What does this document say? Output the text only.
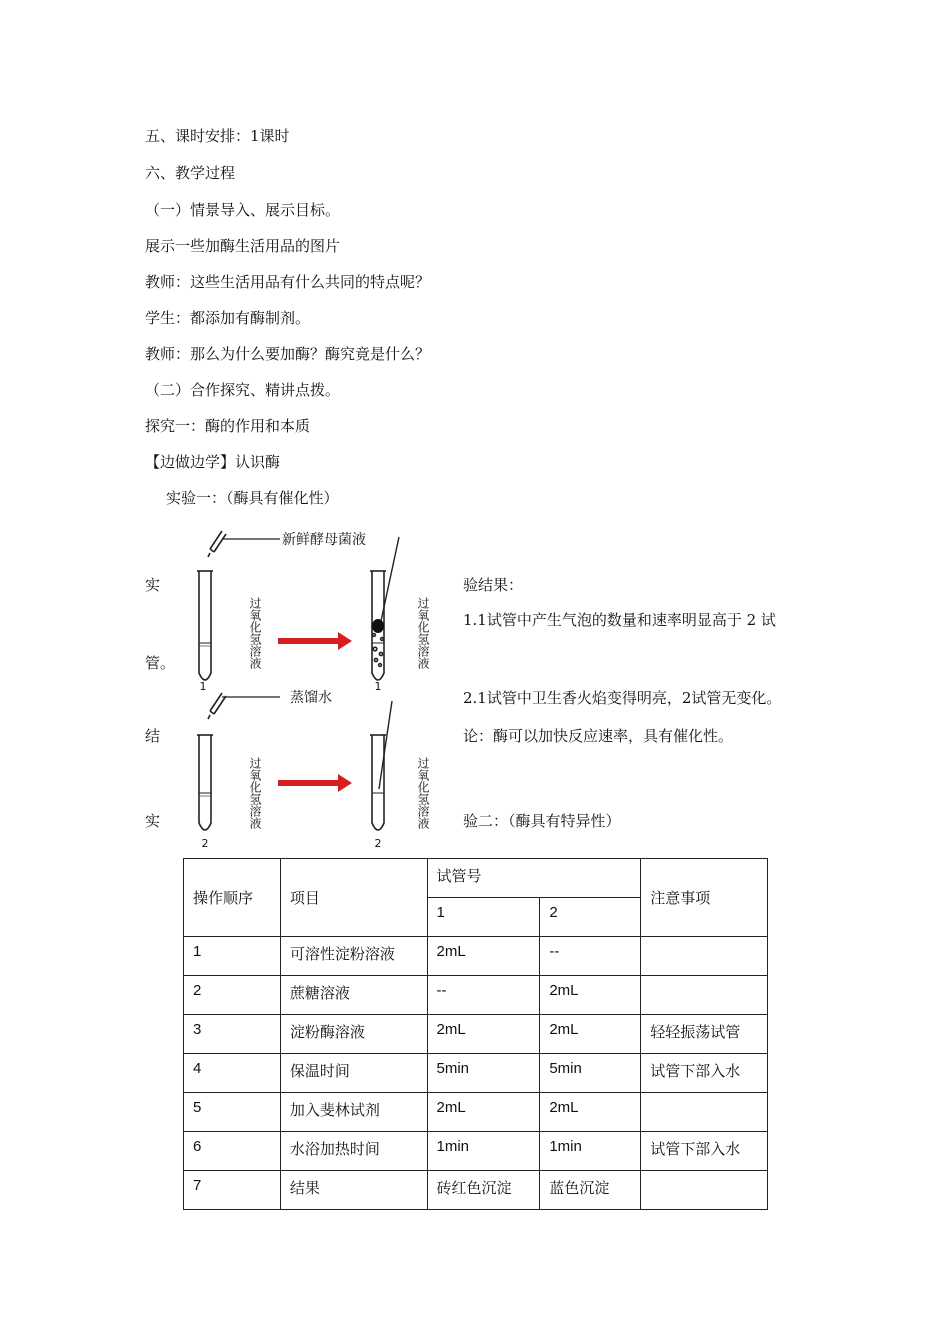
五、课时安排：1课时
六、教学过程
（一）情景导入、展示目标。
展示一些加酶生活用品的图片
教师：这些生活用品有什么共同的特点呢？
学生：都添加有酶制剂。
教师：那么为什么要加酶？酶究竟是什么？
（二）合作探究、精讲点拨。
探究一：酶的作用和本质
【边做边学】认识酶
实验一：（酶具有催化性）
实	验结果：
1.1试管中产生气泡的数量和速率明显高于 2 试
管。
2.1试管中卫生香火焰变得明亮，2试管无变化。
结	论：酶可以加快反应速率，具有催化性。
实	验二：（酶具有特异性）
新鲜酵母菌液
蒸馏水
1	1
2	2
过氧化氢溶液	过氧化氢溶液
过氧化氢溶液	过氧化氢溶液
操作顺序	项目	试管号		注意事项
		1	2	
1	可溶性淀粉溶液	2mL	--	
2	蔗糖溶液	--	2mL	
3	淀粉酶溶液	2mL	2mL	轻轻振荡试管
4	保温时间	5min	5min	试管下部入水
5	加入斐林试剂	2mL	2mL	
6	水浴加热时间	1min	1min	试管下部入水
7	结果	砖红色沉淀	蓝色沉淀	
